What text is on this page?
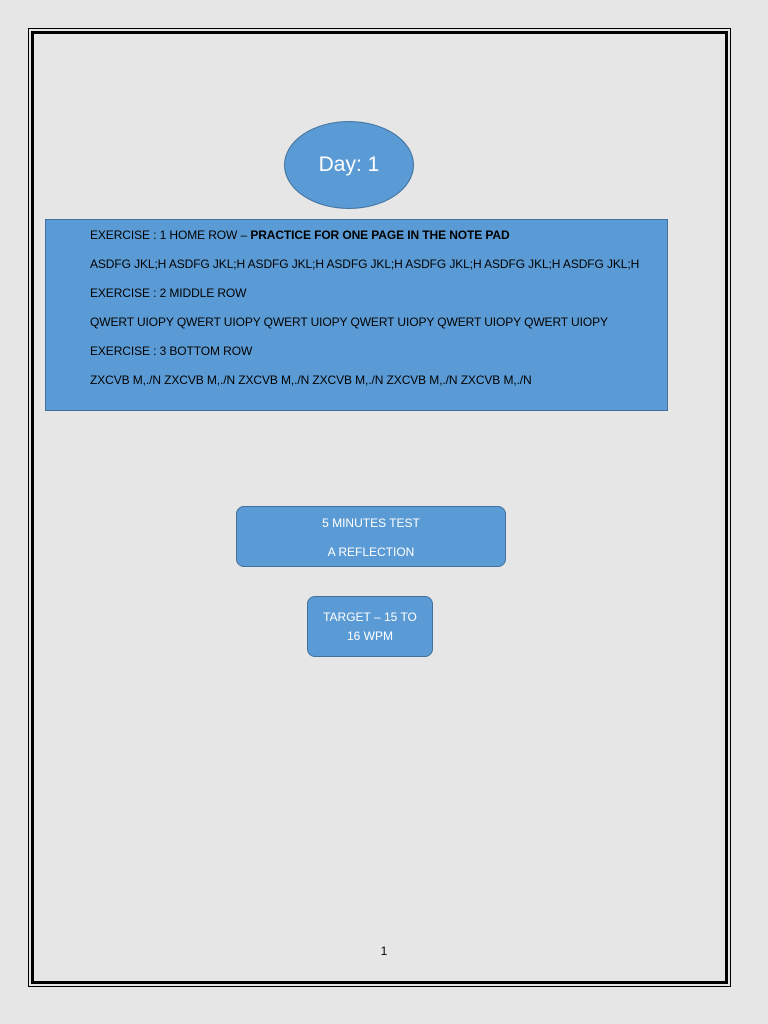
Day: 1
EXERCISE : 1 HOME ROW – PRACTICE FOR ONE PAGE IN THE NOTE PAD
ASDFG JKL;H ASDFG JKL;H ASDFG JKL;H ASDFG JKL;H ASDFG JKL;H ASDFG JKL;H ASDFG JKL;H
EXERCISE : 2 MIDDLE ROW
QWERT UIOPY QWERT UIOPY QWERT UIOPY QWERT UIOPY QWERT UIOPY QWERT UIOPY
EXERCISE : 3 BOTTOM ROW
ZXCVB M,./N ZXCVB M,./N ZXCVB M,./N ZXCVB M,./N ZXCVB M,./N ZXCVB M,./N
5 MINUTES TEST
A REFLECTION
TARGET – 15 TO
16 WPM
1
